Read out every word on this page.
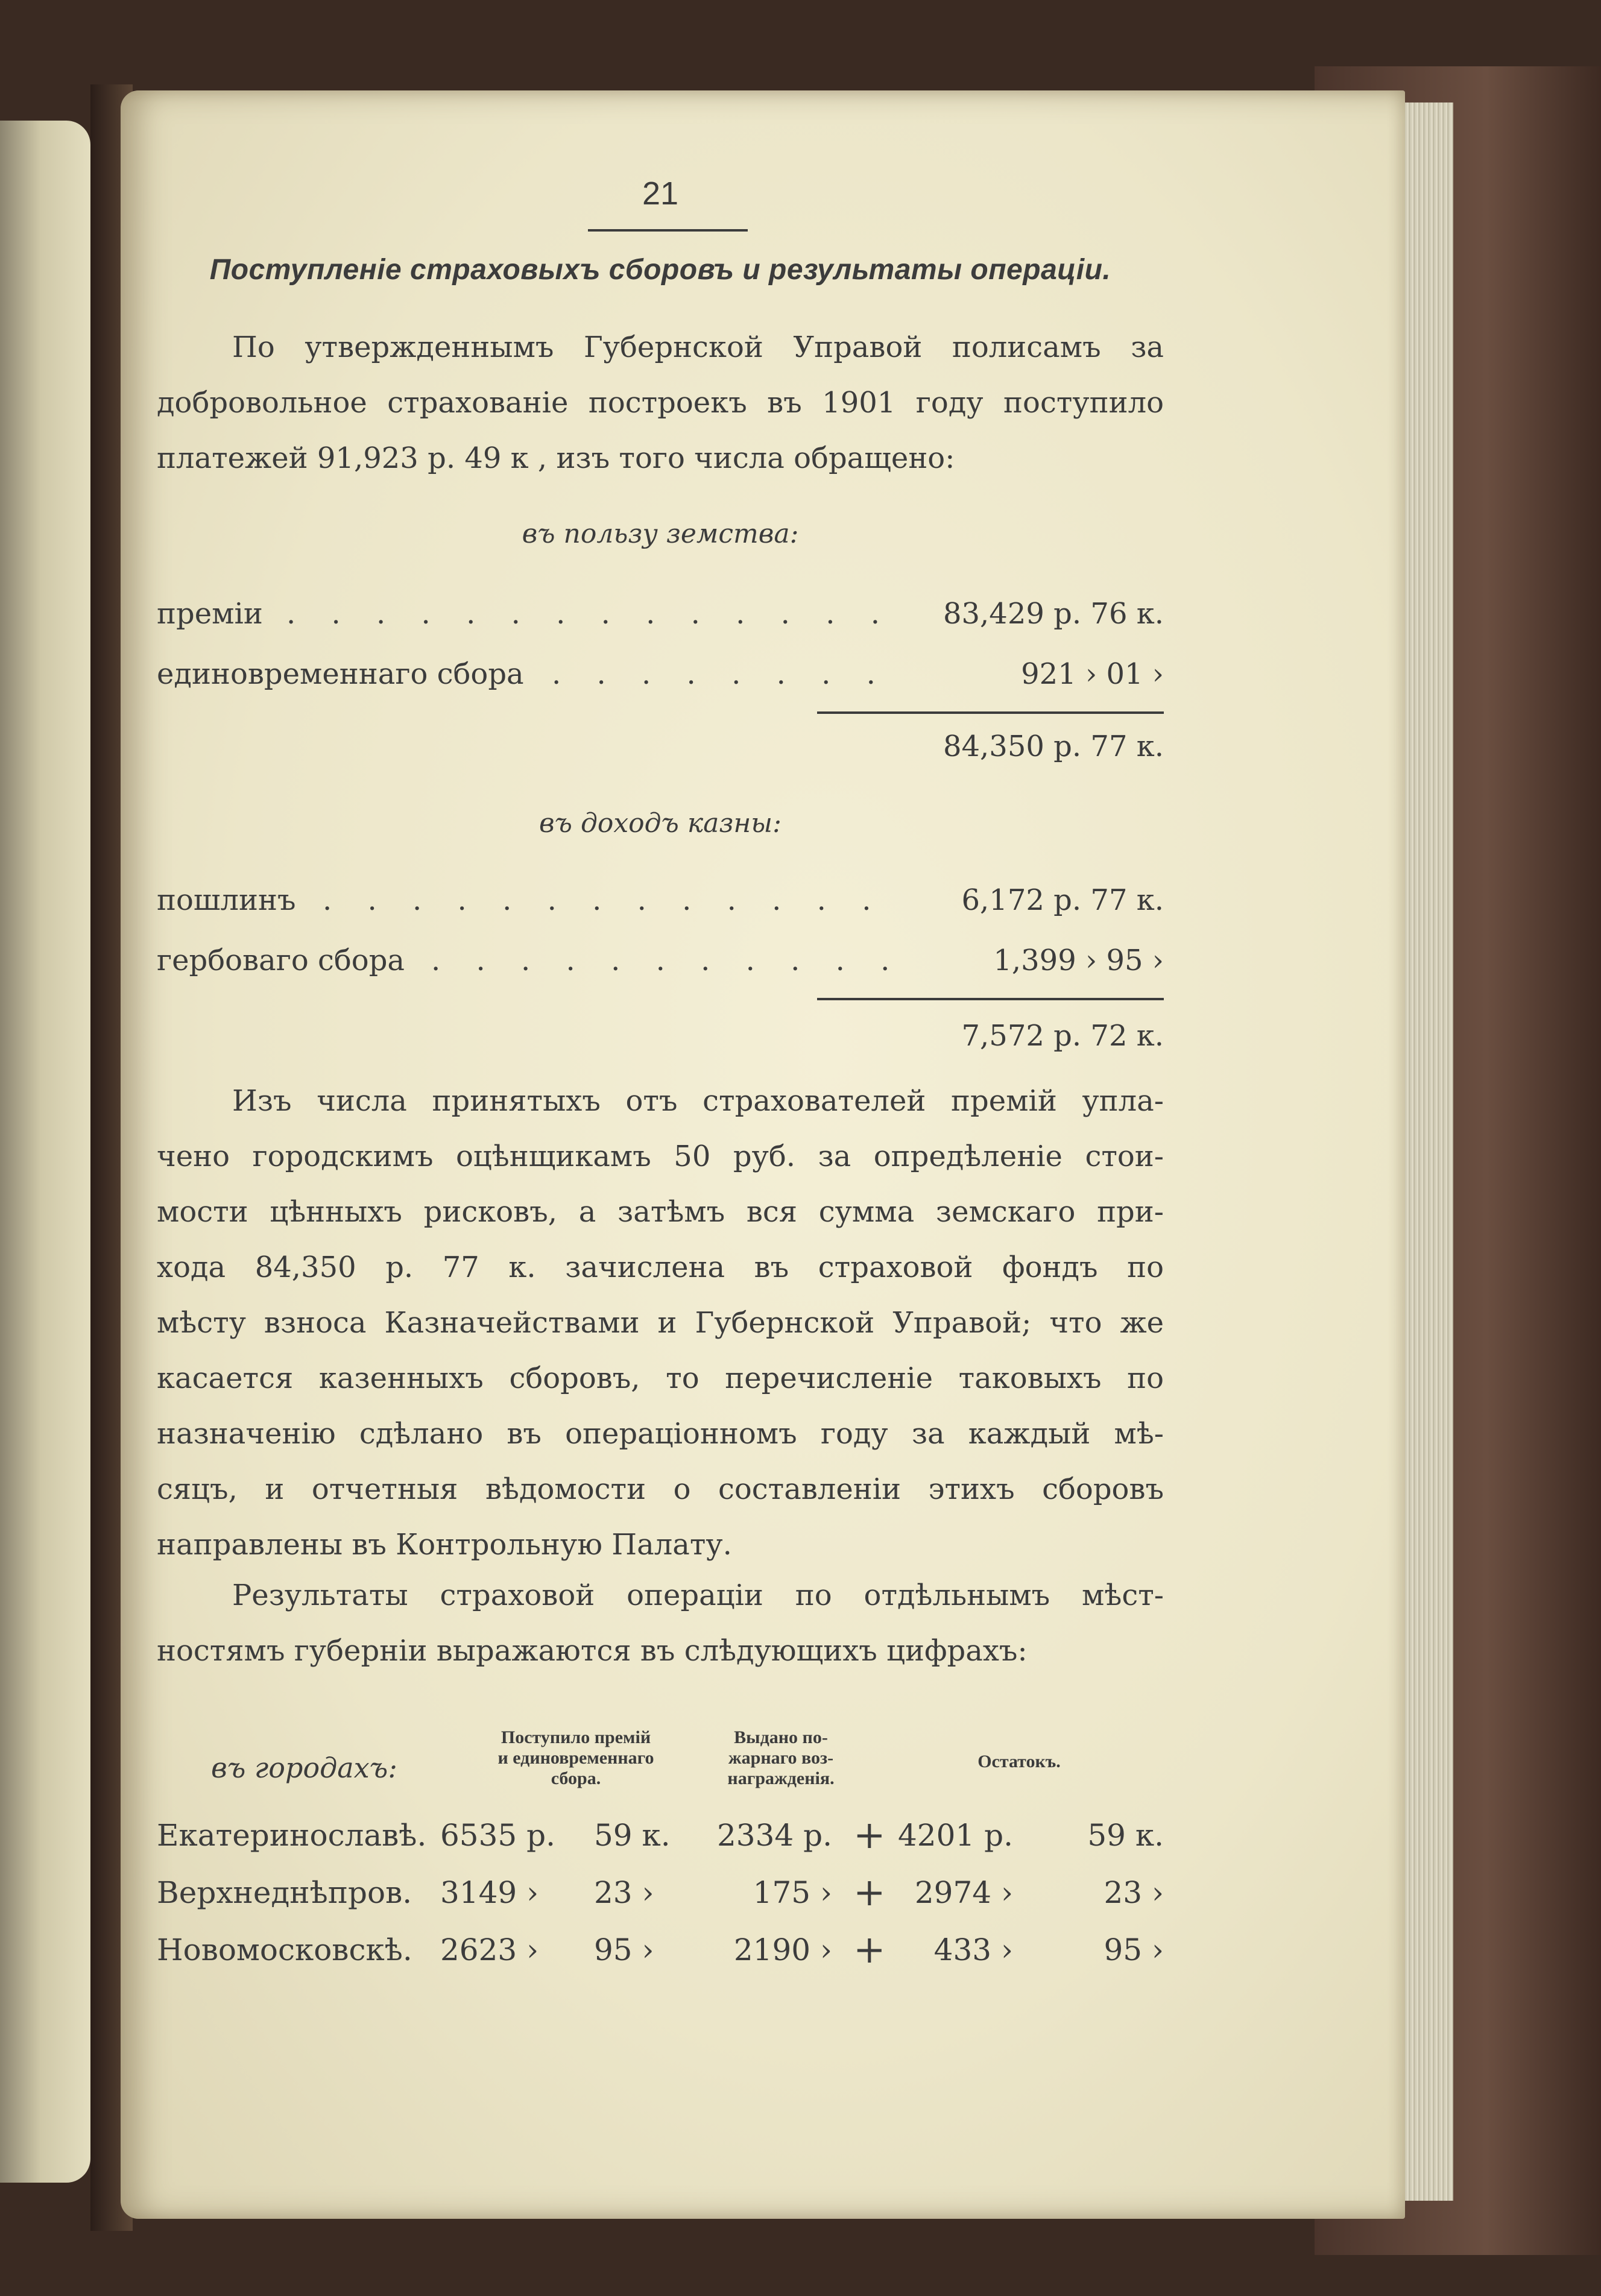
21
Поступленіе страховыхъ сборовъ и результаты операціи.
По утвержденнымъ Губернской Управой полисамъ за
добровольное страхованіе построекъ въ 1901 году поступило
платежей 91,923 р. 49 к , изъ того числа обращено:
въ пользу земства:
преміи . . . . . . . . . . . . . . 83,429 р. 76 к.
единовременнаго сбора . . . . . . . .	921 › 01 ›
84,350 р. 77 к.
въ доходъ казны:
пошлинъ . . . . . . . . . . . . .	6,172 р. 77 к.
гербоваго сбора . . . . . . . . . . .	1,399 › 95 ›
7,572 р. 72 к.
Изъ числа принятыхъ отъ страхователей премій упла-
чено городскимъ оцѣнщикамъ 50 руб. за опредѣленіе стои-
мости цѣнныхъ рисковъ, а затѣмъ вся сумма земскаго при-
хода 84,350 р. 77 к. зачислена въ страховой фондъ по
мѣсту взноса Казначействами и Губернской Управой; что же
касается казенныхъ сборовъ, то перечисленіе таковыхъ по
назначенію сдѣлано въ операціонномъ году за каждый мѣ-
сяцъ, и отчетныя вѣдомости о составленіи этихъ сборовъ
направлены въ Контрольную Палату.
Результаты страховой операціи по отдѣльнымъ мѣст-
ностямъ губерніи выражаются въ слѣдующихъ цифрахъ:
въ городахъ:
Поступило премій
и единовременнаго
сбора.
Выдано по-
жарнаго воз-
награжденія.
Остатокъ.
Екатеринославѣ. 6535 р. 59 к. 2334 р. + 4201 р. 59 к.
Верхнеднѣпров. 3149 › 23 ›	175 › + 2974 ›	23 ›
Новомосковскѣ. 2623 › 95 ›	2190 › + 433 ›	95 ›
